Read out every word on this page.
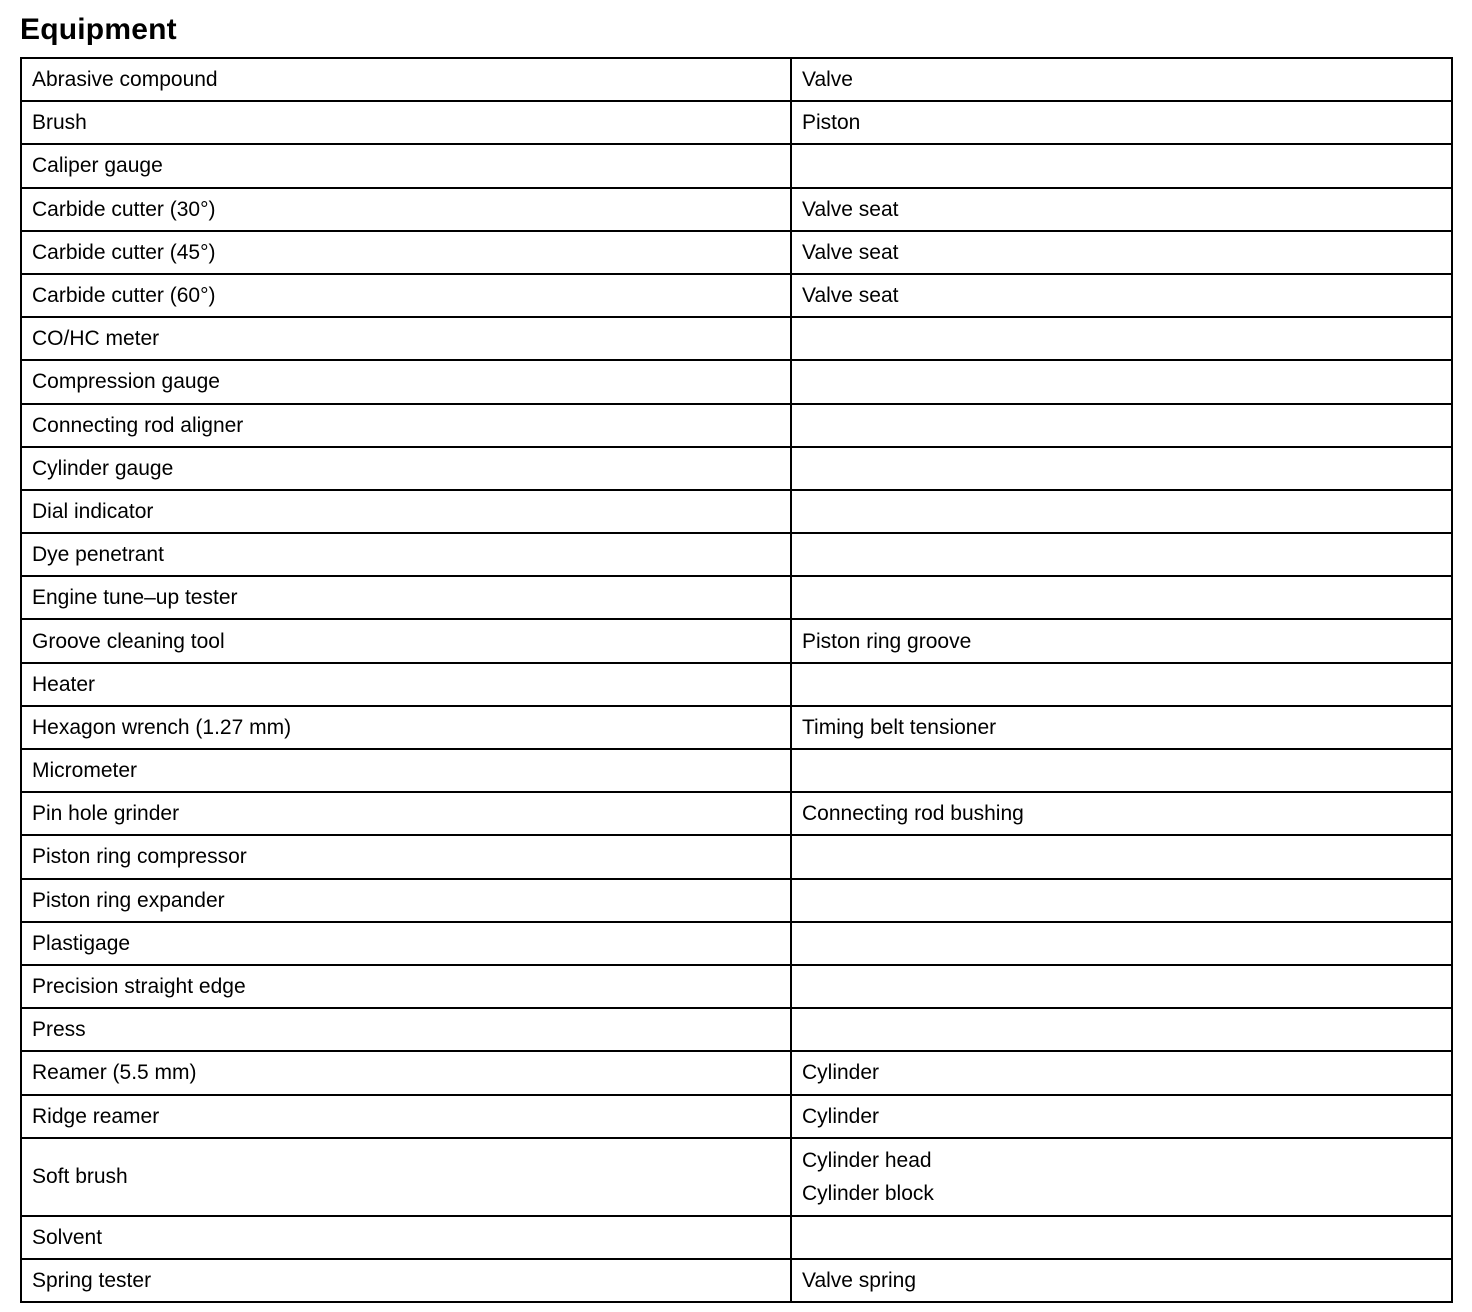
Equipment
Abrasive compound	Valve

Brush	Piston

Caliper gauge	
Carbide cutter (30°)	Valve seat

Carbide cutter (45°)	Valve seat

Carbide cutter (60°)	Valve seat

CO/HC meter	
Compression gauge	
Connecting rod aligner	
Cylinder gauge	
Dial indicator	
Dye penetrant	
Engine tune–up tester	
Groove cleaning tool	Piston ring groove

Heater	
Hexagon wrench (1.27 mm)	Timing belt tensioner

Micrometer	
Pin hole grinder	Connecting rod bushing

Piston ring compressor	
Piston ring expander	
Plastigage	
Precision straight edge	
Press	
Reamer (5.5 mm)	Cylinder

Ridge reamer	Cylinder

Soft brush	Cylinder head
Cylinder block

Solvent	
Spring tester	Valve spring
